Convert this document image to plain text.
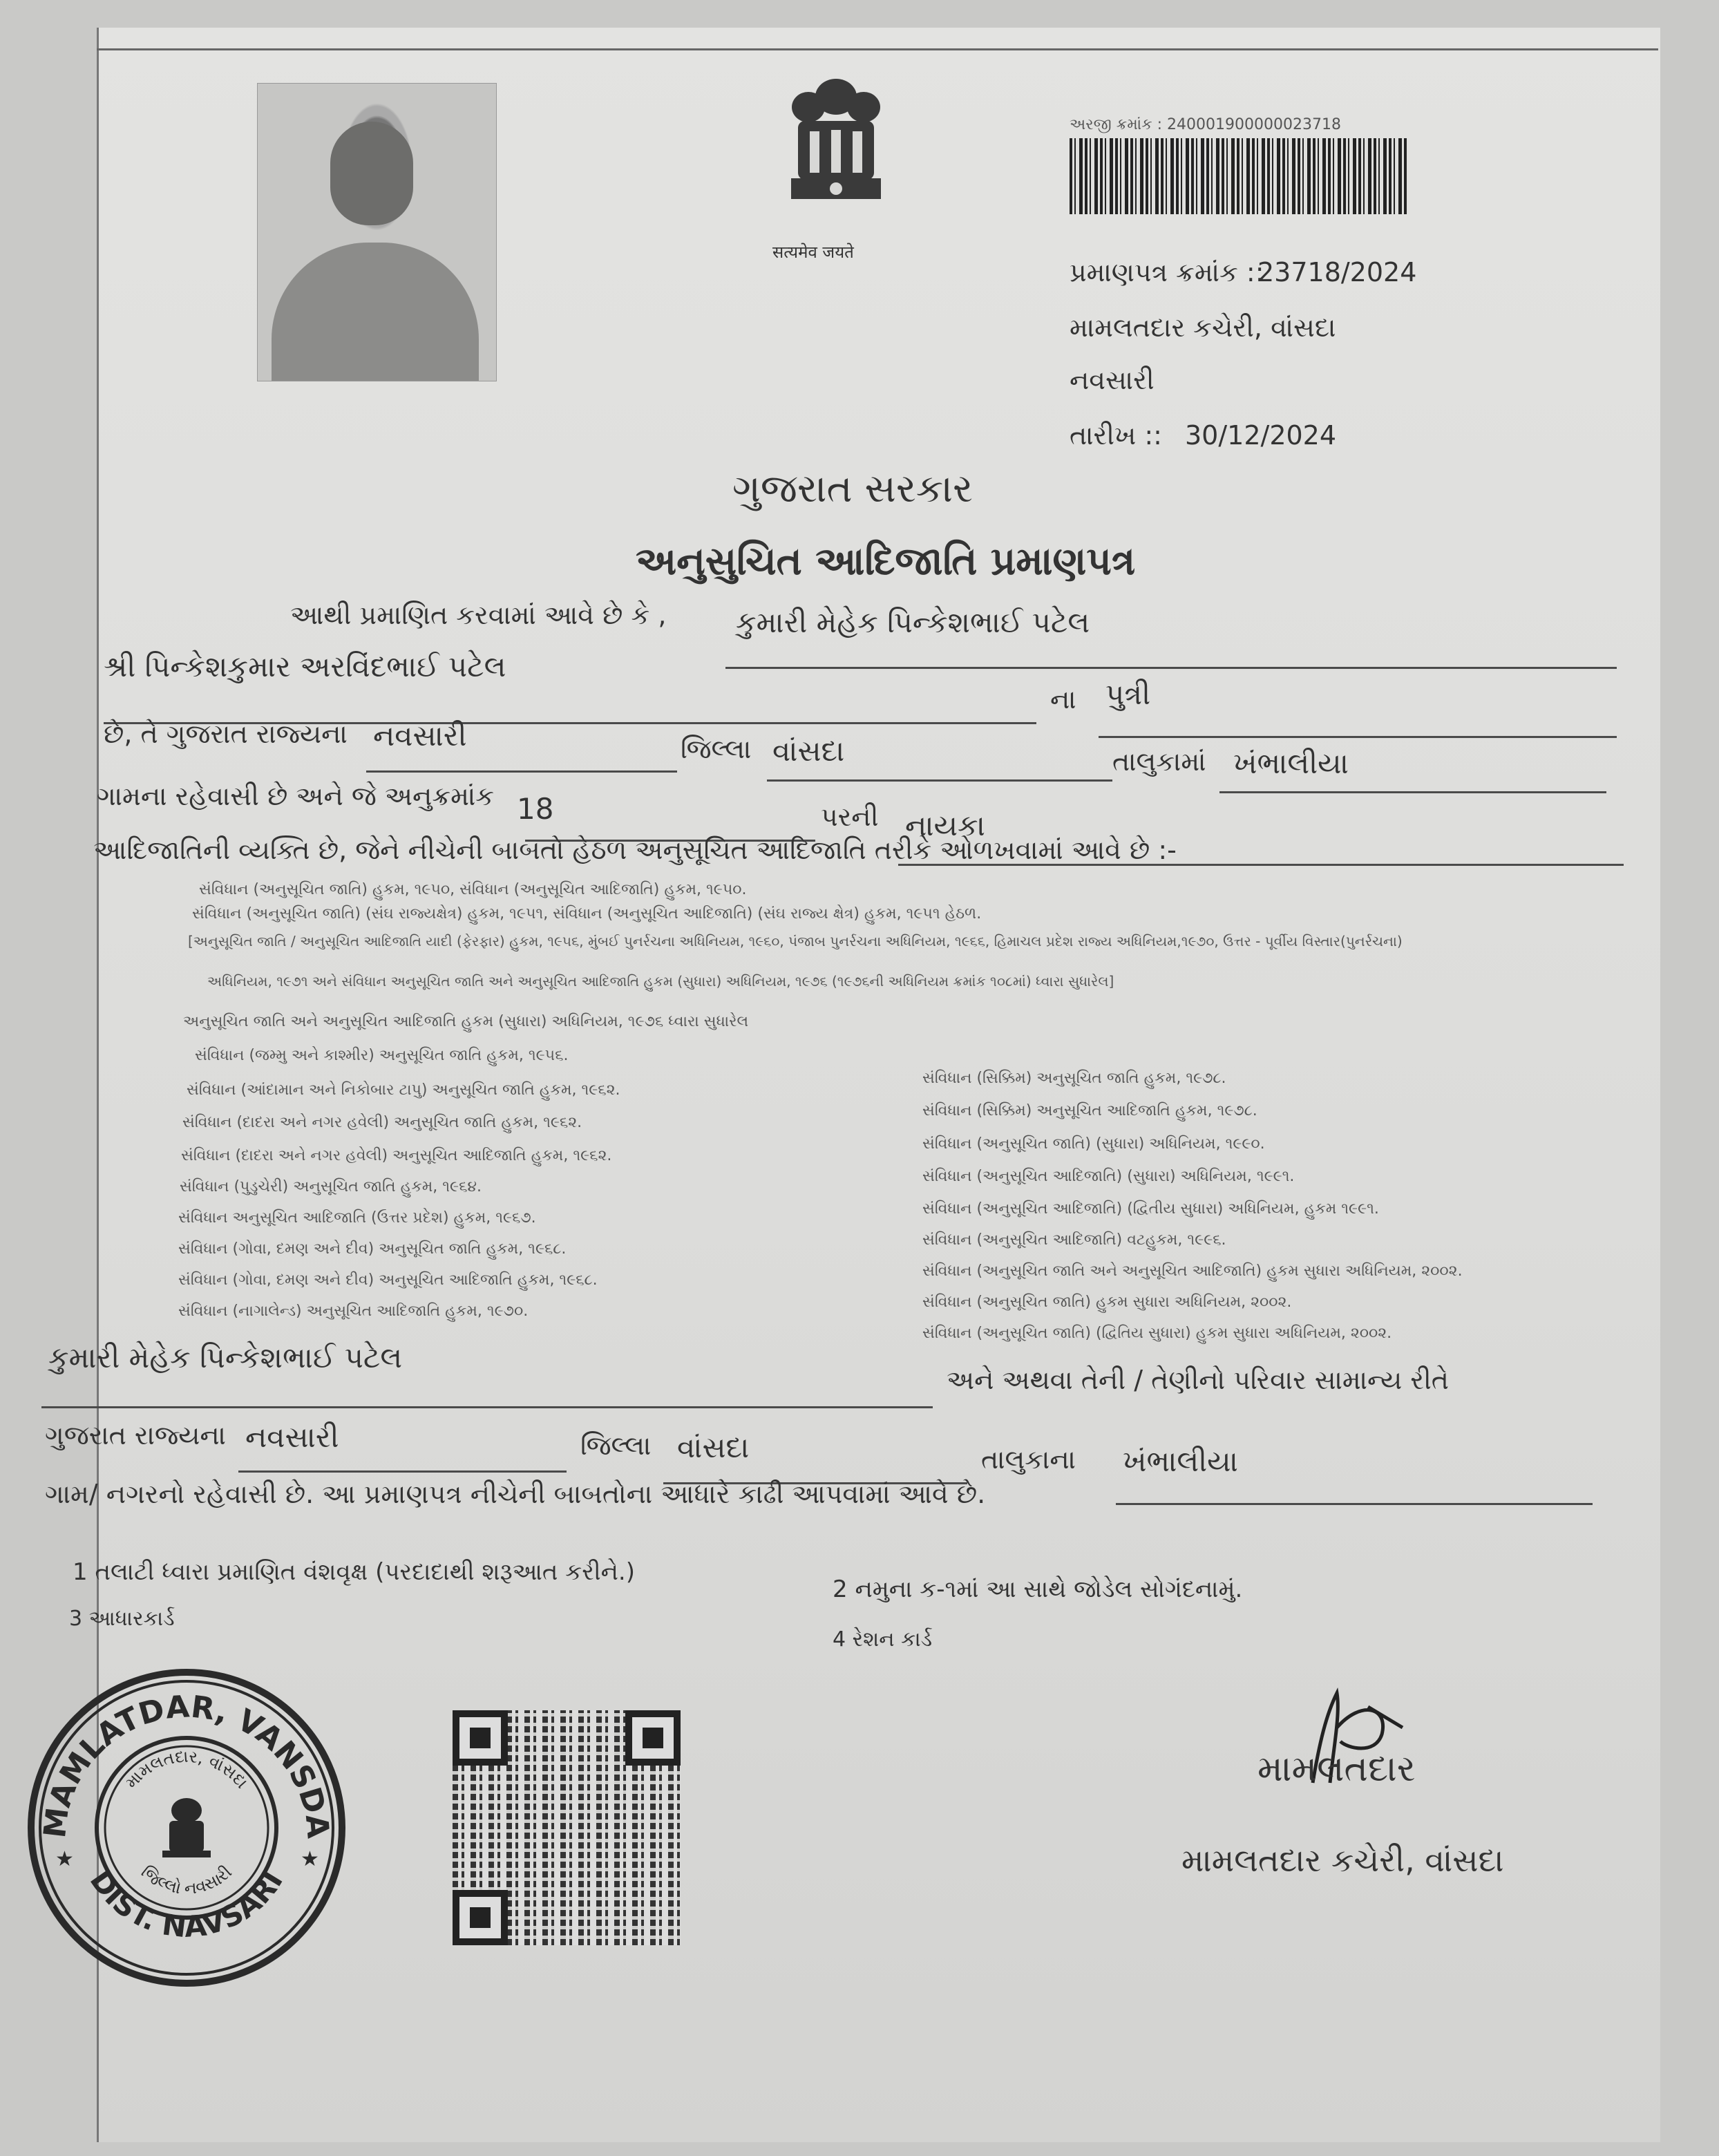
सत्यमेव जयते
અરજી ક્રમાંક : 240001900000023718
પ્રમાણપત્ર ક્રમાંક ::
23718/2024
મામલતદાર કચેરી, વાંસદા
નવસારી
તારીખ :: 30/12/2024
ગુજરાત સરકાર
અનુસુચિત આદિજાતિ પ્રમાણપત્ર
આથી પ્રમાણિત કરવામાં આવે છે કે , કુમારી મેહેક પિન્કેશભાઈ પટેલ
શ્રી પિન્કેશકુમાર અરવિંદભાઈ પટેલ
ના પુત્રી
છે, તે ગુજરાત રાજ્યના નવસારી	જિલ્લા વાંસદા	તાલુકામાં ખંભાલીયા
ગામના રહેવાસી છે અને જે અનુક્રમાંક 18	પરની નાયકા
આદિજાતિની વ્યક્તિ છે, જેને નીચેની બાબતો હેઠળ અનુસૂચિત આદિજાતિ તરીકે ઓળખવામાં આવે છે :-
સંવિધાન (અનુસૂચિત જાતિ) હુકમ, ૧૯૫૦, સંવિધાન (અનુસૂચિત આદિજાતિ) હુકમ, ૧૯૫૦.
સંવિધાન (અનુસૂચિત જાતિ) (સંઘ રાજ્યક્ષેત્ર) હુકમ, ૧૯૫૧, સંવિધાન (અનુસૂચિત આદિજાતિ) (સંઘ રાજ્ય ક્ષેત્ર) હુકમ, ૧૯૫૧ હેઠળ.
[અનુસૂચિત જાતિ / અનુસૂચિત આદિજાતિ યાદી (ફેરફાર) હુકમ, ૧૯૫૬, મુંબઈ પુનર્રચના અધિનિયમ, ૧૯૬૦, પંજાબ પુનર્રચના અધિનિયમ, ૧૯૬૬, હિમાચલ પ્રદેશ રાજ્ય અધિનિયમ,૧૯૭૦, ઉત્તર - પૂર્વીય વિસ્તાર(પુનર્રચના)
અધિનિયમ, ૧૯૭૧ અને સંવિધાન અનુસૂચિત જાતિ અને અનુસૂચિત આદિજાતિ હુકમ (સુધારા) અધિનિયમ, ૧૯૭૬ (૧૯૭૬ની અધિનિયમ ક્રમાંક ૧૦૮માં) ધ્વારા સુધારેલ]
અનુસૂચિત જાતિ અને અનુસૂચિત આદિજાતિ હુકમ (સુધારા) અધિનિયમ, ૧૯૭૬ ધ્વારા સુધારેલ
સંવિધાન (જમ્મુ અને કાશ્મીર) અનુસૂચિત જાતિ હુકમ, ૧૯૫૬.
સંવિધાન (આંદામાન અને નિકોબાર ટાપુ) અનુસૂચિત જાતિ હુકમ, ૧૯૬૨.
સંવિધાન (દાદરા અને નગર હવેલી) અનુસૂચિત જાતિ હુકમ, ૧૯૬૨.
સંવિધાન (દાદરા અને નગર હવેલી) અનુસૂચિત આદિજાતિ હુકમ, ૧૯૬૨.
સંવિધાન (પુડુચેરી) અનુસૂચિત જાતિ હુકમ, ૧૯૬૪.
સંવિધાન અનુસૂચિત આદિજાતિ (ઉત્તર પ્રદેશ) હુકમ, ૧૯૬૭.
સંવિધાન (ગોવા, દમણ અને દીવ) અનુસૂચિત જાતિ હુકમ, ૧૯૬૮.
સંવિધાન (ગોવા, દમણ અને દીવ) અનુસૂચિત આદિજાતિ હુકમ, ૧૯૬૮.
સંવિધાન (નાગાલેન્ડ) અનુસૂચિત આદિજાતિ હુકમ, ૧૯૭૦.
સંવિધાન (સિક્કિમ) અનુસૂચિત જાતિ હુકમ, ૧૯૭૮.
સંવિધાન (સિક્કિમ) અનુસૂચિત આદિજાતિ હુકમ, ૧૯૭૮.
સંવિધાન (અનુસૂચિત જાતિ) (સુધારા) અધિનિયમ, ૧૯૯૦.
સંવિધાન (અનુસૂચિત આદિજાતિ) (સુધારા) અધિનિયમ, ૧૯૯૧.
સંવિધાન (અનુસૂચિત આદિજાતિ) (દ્વિતીય સુધારા) અધિનિયમ, હુકમ ૧૯૯૧.
સંવિધાન (અનુસૂચિત આદિજાતિ) વટહુકમ, ૧૯૯૬.
સંવિધાન (અનુસૂચિત જાતિ અને અનુસૂચિત આદિજાતિ) હુકમ સુધારા અધિનિયમ, ૨૦૦૨.
સંવિધાન (અનુસૂચિત જાતિ) હુકમ સુધારા અધિનિયમ, ૨૦૦૨.
સંવિધાન (અનુસૂચિત જાતિ) (દ્વિતિય સુધારા) હુકમ સુધારા અધિનિયમ, ૨૦૦૨.
કુમારી મેહેક પિન્કેશભાઈ પટેલ
અને અથવા તેની / તેણીનો પરિવાર સામાન્ય રીતે
ગુજરાત રાજ્યના નવસારી	જિલ્લા વાંસદા	તાલુકાના ખંભાલીયા
ગામ/ નગરનો રહેવાસી છે. આ પ્રમાણપત્ર નીચેની બાબતોના આધારે કાઢી આપવામાં આવે છે.
1 તલાટી ધ્વારા પ્રમાણિત વંશવૃક્ષ (પરદાદાથી શરૂઆત કરીને.)
2 નમુના ક-૧માં આ સાથે જોડેલ સોગંદનામું.
3 આધારકાર્ડ
4 રેશન કાર્ડ
MAMLATDAR, VANSDA
DIST. NAVSARI
મામલતદાર, વાંસદા
જિલ્લો નવસારી
★	★
મામલતદાર
મામલતદાર કચેરી, વાંસદા
